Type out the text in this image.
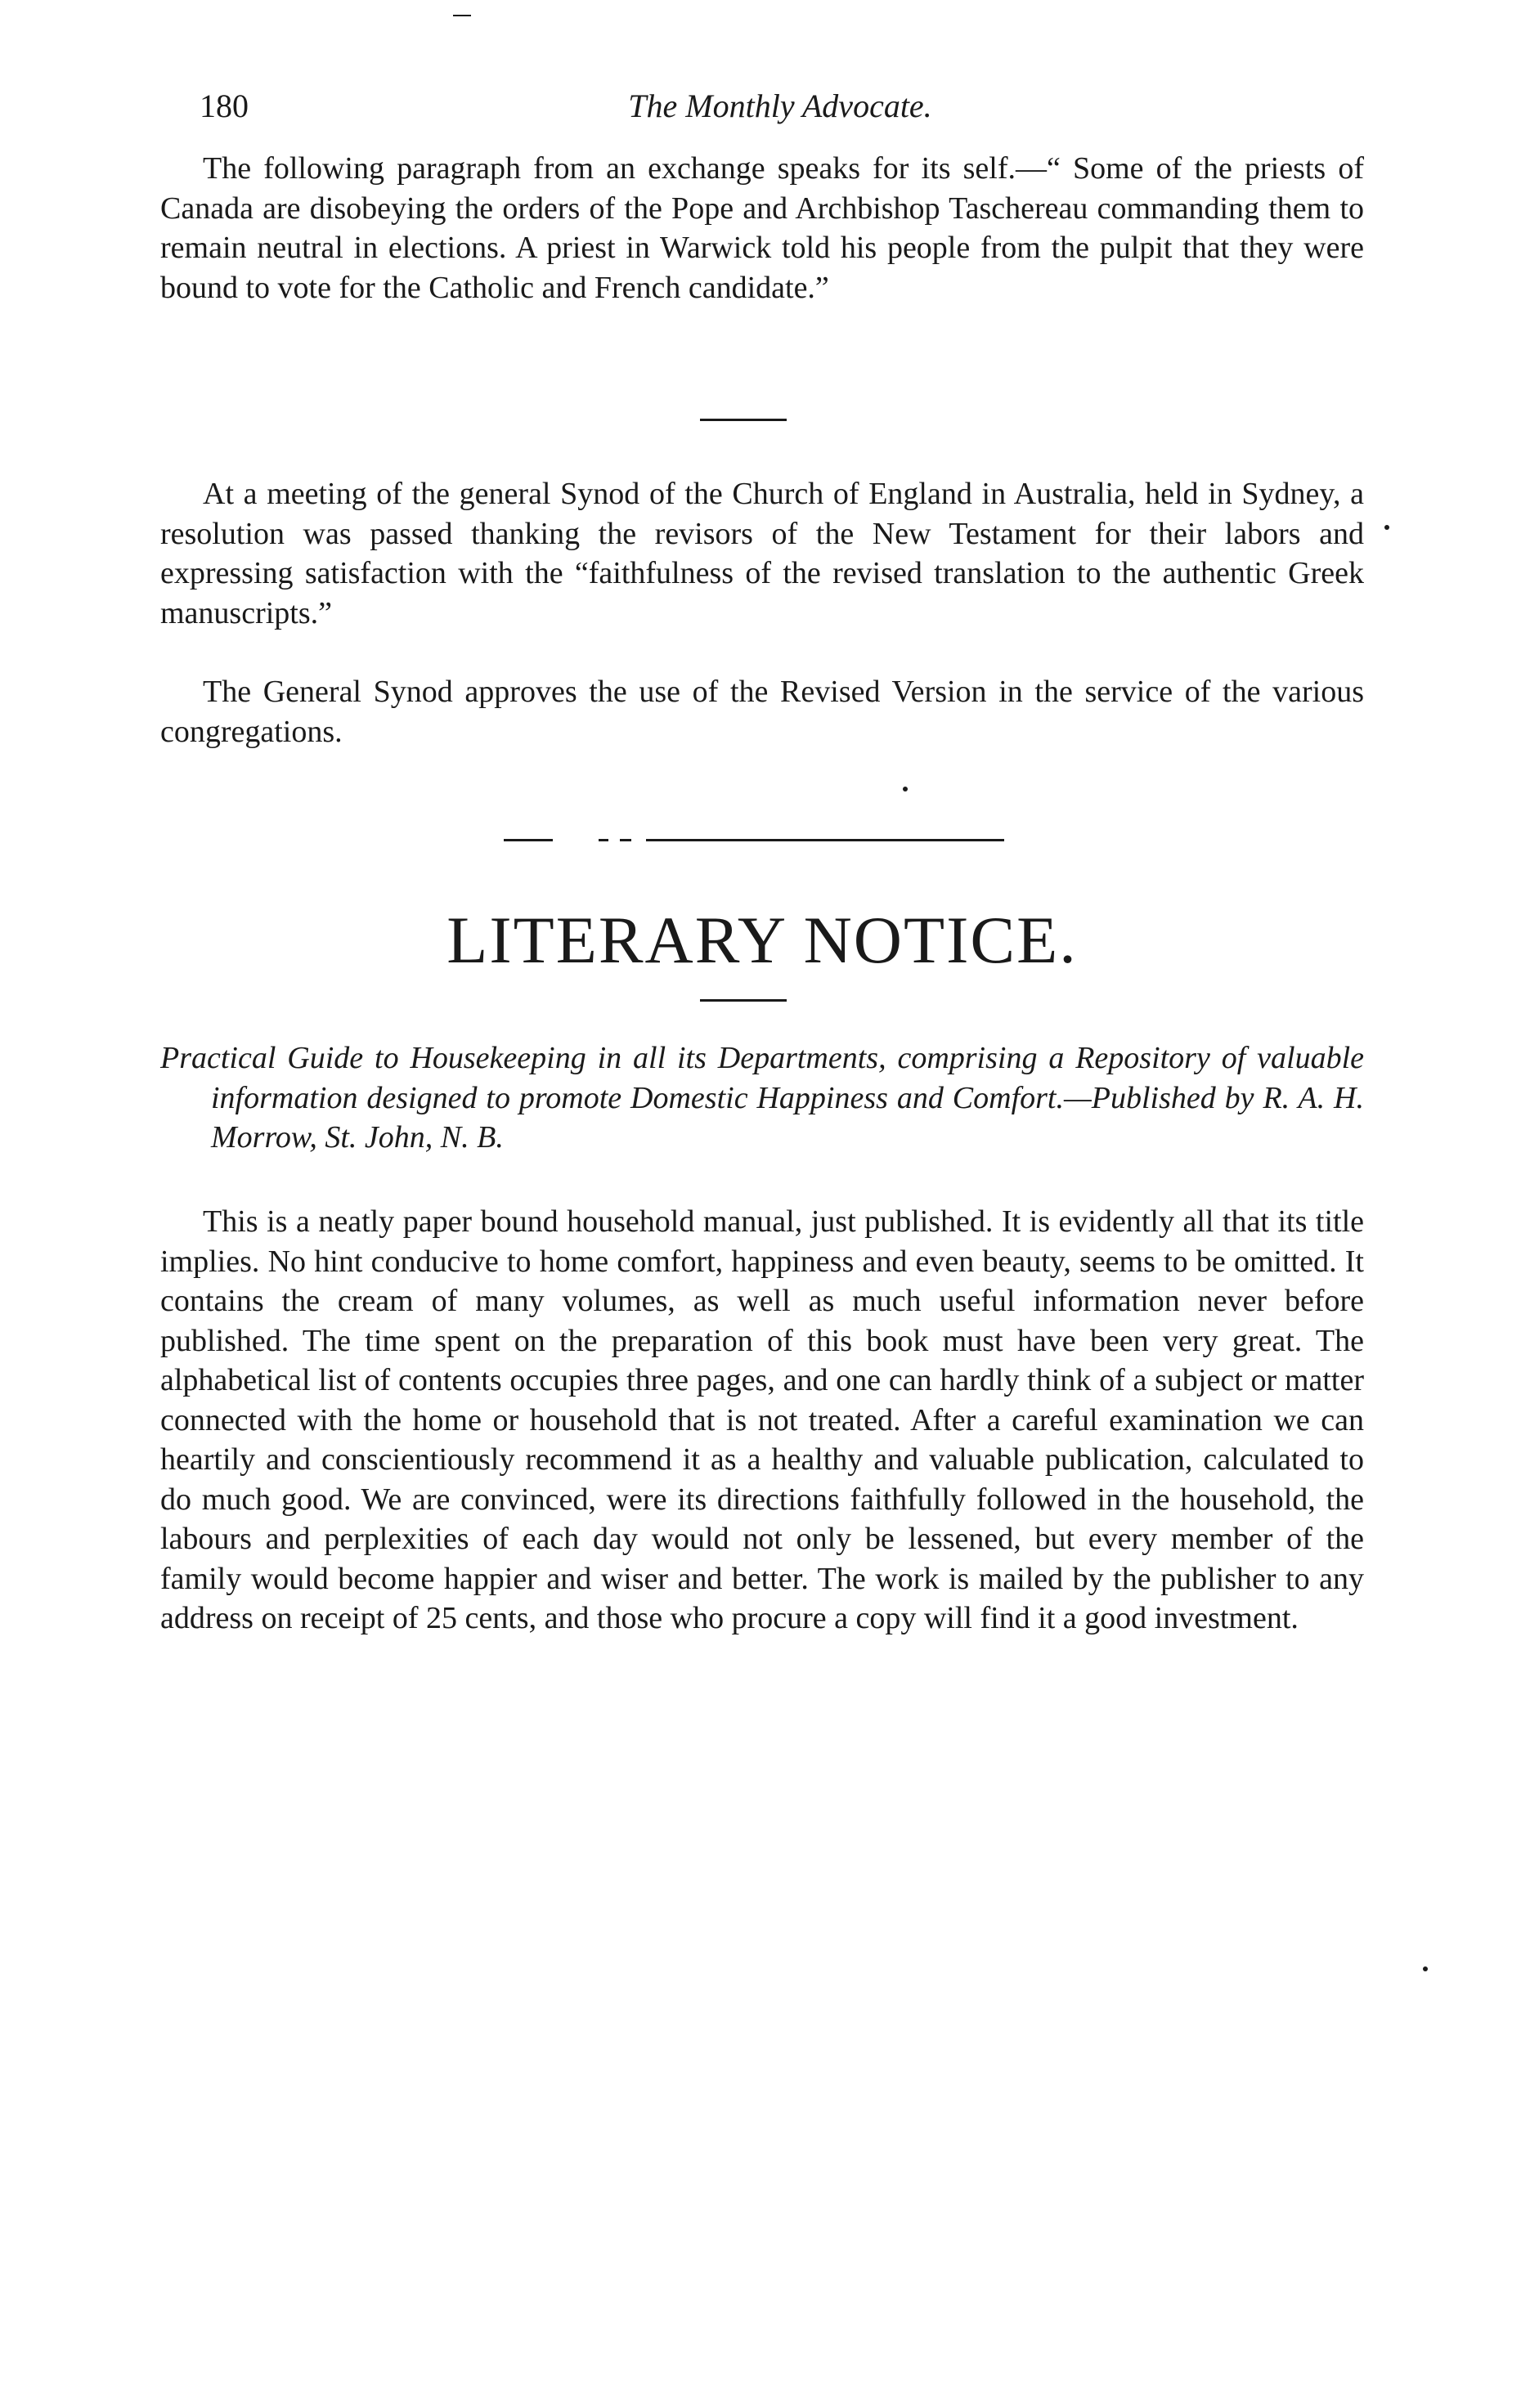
180	The Monthly Advocate.

The following paragraph from an exchange speaks for its self.—“ Some of the priests of Canada are disobeying the orders of the Pope and Archbishop Taschereau commanding them to remain neutral in elections. A priest in Warwick told his people from the pulpit that they were bound to vote for the Catholic and French candidate.”

At a meeting of the general Synod of the Church of England in Australia, held in Sydney, a resolution was passed thanking the revisors of the New Testament for their labors and expressing satisfaction with the “faithfulness of the revised translation to the authentic Greek manuscripts.”

The General Synod approves the use of the Revised Version in the service of the various congregations.

LITERARY NOTICE.

Practical Guide to Housekeeping in all its Departments, comprising a Repository of valuable information designed to promote Domestic Happiness and Comfort.—Published by R. A. H. Morrow, St. John, N. B.

This is a neatly paper bound household manual, just published. It is evidently all that its title implies. No hint conducive to home comfort, happiness and even beauty, seems to be omitted. It contains the cream of many volumes, as well as much useful information never before published. The time spent on the preparation of this book must have been very great. The alphabetical list of contents occupies three pages, and one can hardly think of a subject or matter connected with the home or household that is not treated. After a careful examination we can heartily and conscientiously recommend it as a healthy and valuable publication, calculated to do much good. We are convinced, were its directions faithfully followed in the household, the labours and perplexities of each day would not only be lessened, but every member of the family would become happier and wiser and better. The work is mailed by the publisher to any address on receipt of 25 cents, and those who procure a copy will find it a good investment.
